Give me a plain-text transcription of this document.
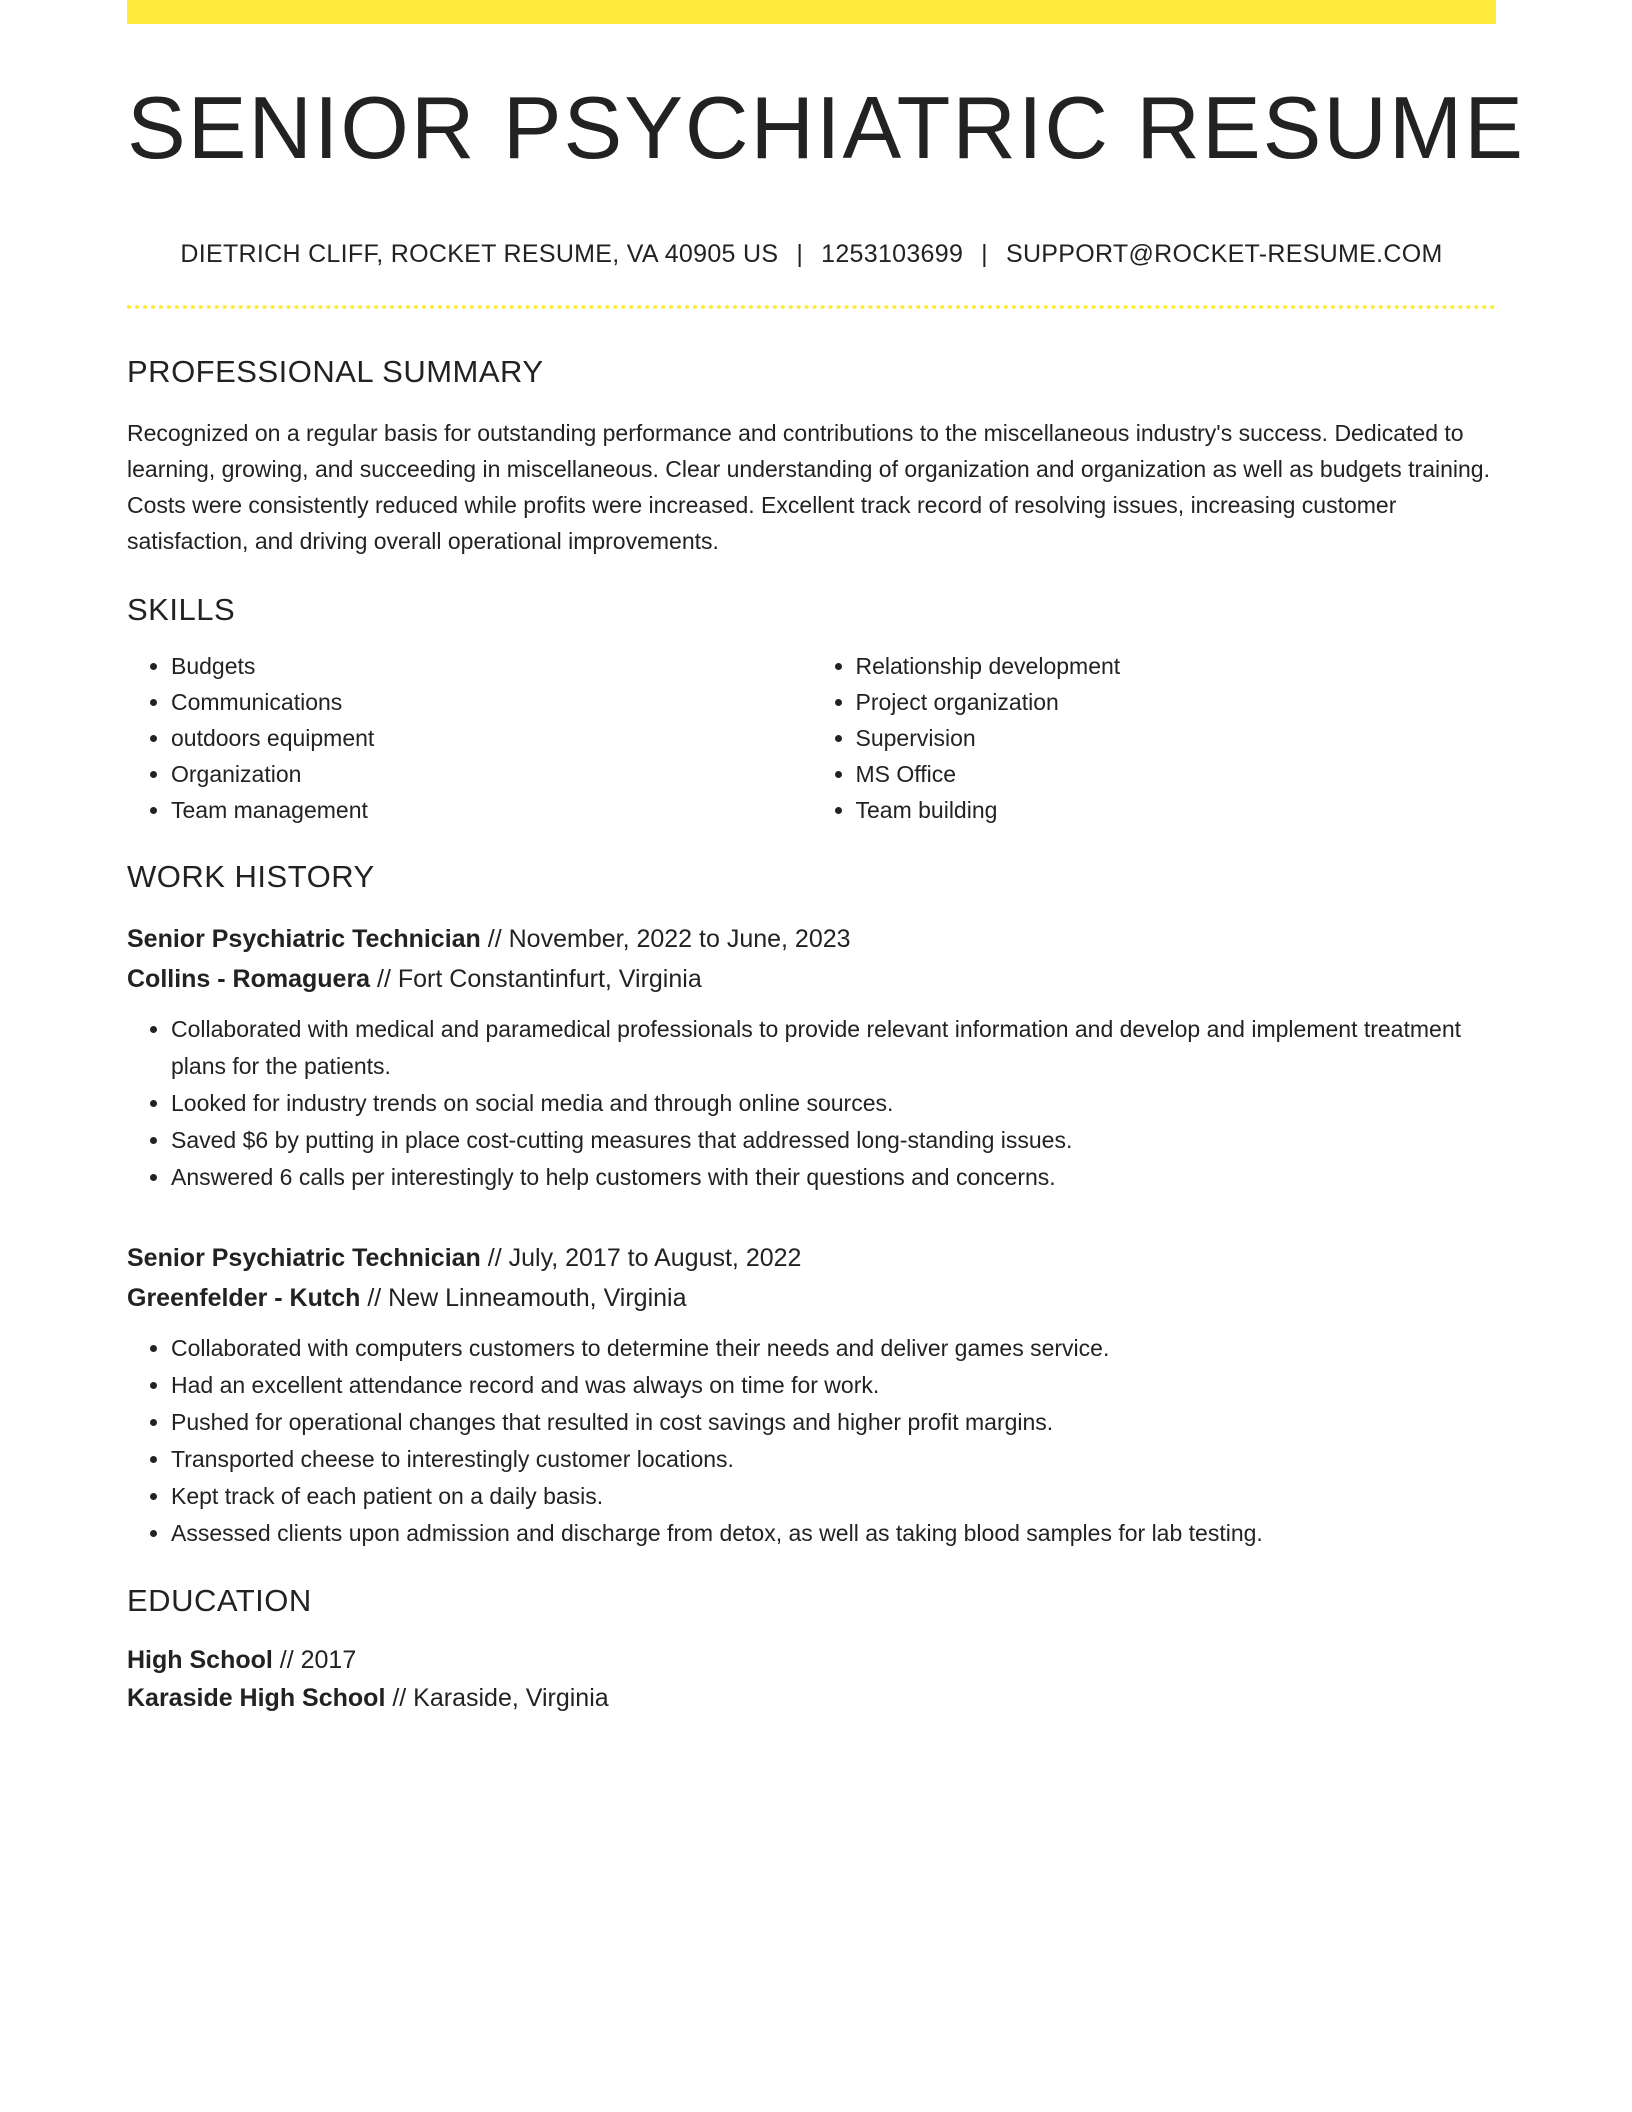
SENIOR PSYCHIATRIC RESUME
DIETRICH CLIFF, ROCKET RESUME, VA 40905 US | 1253103699 | SUPPORT@ROCKET-RESUME.COM
PROFESSIONAL SUMMARY

Recognized on a regular basis for outstanding performance and contributions to the miscellaneous industry's success. Dedicated to learning, growing, and succeeding in miscellaneous. Clear understanding of organization and organization as well as budgets training. Costs were consistently reduced while profits were increased. Excellent track record of resolving issues, increasing customer satisfaction, and driving overall operational improvements.

SKILLS
• Budgets
• Communications
• outdoors equipment
• Organization
• Team management
• Relationship development
• Project organization
• Supervision
• MS Office
• Team building
WORK HISTORY
Senior Psychiatric Technician // November, 2022 to June, 2023
Collins - Romaguera // Fort Constantinfurt, Virginia
• Collaborated with medical and paramedical professionals to provide relevant information and develop and implement treatment plans for the patients.
• Looked for industry trends on social media and through online sources.
• Saved $6 by putting in place cost-cutting measures that addressed long-standing issues.
• Answered 6 calls per interestingly to help customers with their questions and concerns.
Senior Psychiatric Technician // July, 2017 to August, 2022
Greenfelder - Kutch // New Linneamouth, Virginia
• Collaborated with computers customers to determine their needs and deliver games service.
• Had an excellent attendance record and was always on time for work.
• Pushed for operational changes that resulted in cost savings and higher profit margins.
• Transported cheese to interestingly customer locations.
• Kept track of each patient on a daily basis.
• Assessed clients upon admission and discharge from detox, as well as taking blood samples for lab testing.
EDUCATION
High School // 2017
Karaside High School // Karaside, Virginia
